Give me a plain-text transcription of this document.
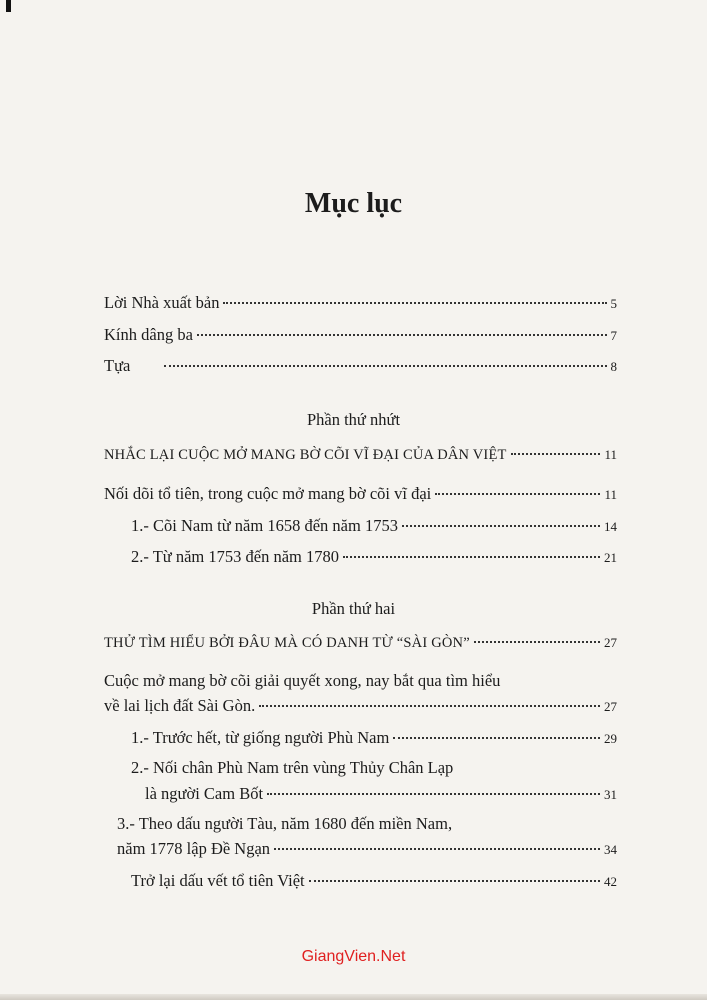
Mục lục
Lời Nhà xuất bản	5
Kính dâng ba	7
Tựa	8
Phần thứ nhứt
NHẮC LẠI CUỘC MỞ MANG BỜ CÕI VĨ ĐẠI CỦA DÂN VIỆT	11
Nối dõi tổ tiên, trong cuộc mở mang bờ cõi vĩ đại	11
1.- Cõi Nam từ năm 1658 đến năm 1753	14
2.- Từ năm 1753 đến năm 1780	21
Phần thứ hai
THỬ TÌM HIỂU BỞI ĐÂU MÀ CÓ DANH TỪ “SÀI GÒN”	27
Cuộc mở mang bờ cõi giải quyết xong, nay bắt qua tìm hiểu
về lai lịch đất Sài Gòn.	27
1.- Trước hết, từ giống người Phù Nam	29
2.- Nối chân Phù Nam trên vùng Thủy Chân Lạp
là người Cam Bốt	31
3.- Theo dấu người Tàu, năm 1680 đến miền Nam,
năm 1778 lập Đề Ngạn	34
Trở lại dấu vết tổ tiên Việt	42
GiangVien.Net
